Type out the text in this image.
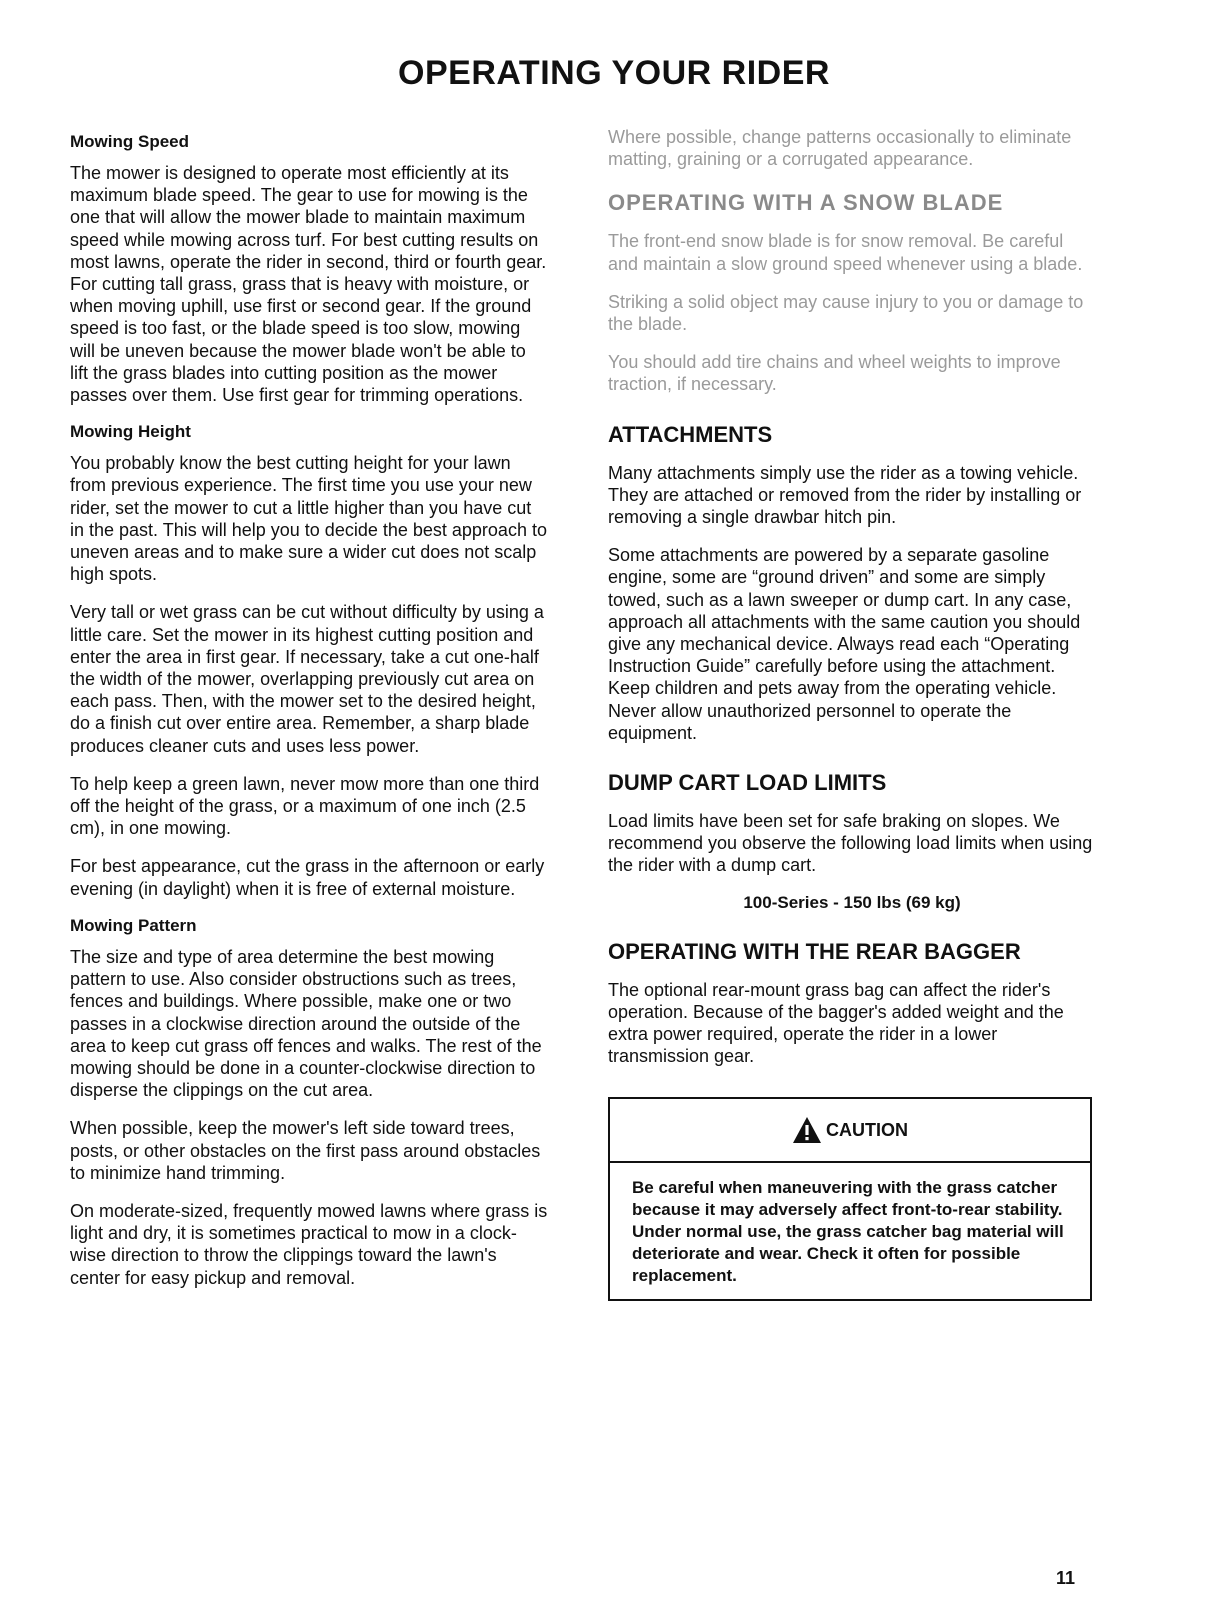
OPERATING YOUR RIDER
Mowing Speed

The mower is designed to operate most efficiently at its maximum blade speed. The gear to use for mowing is the one that will allow the mower blade to maintain maximum speed while mowing across turf. For best cutting results on most lawns, operate the rider in second, third or fourth gear. For cutting tall grass, grass that is heavy with moisture, or when moving uphill, use first or second gear. If the ground speed is too fast, or the blade speed is too slow, mowing will be uneven because the mower blade won't be able to lift the grass blades into cutting position as the mower passes over them. Use first gear for trimming operations.

Mowing Height

You probably know the best cutting height for your lawn from previous experience. The first time you use your new rider, set the mower to cut a little higher than you have cut in the past. This will help you to decide the best approach to uneven areas and to make sure a wider cut does not scalp high spots.

Very tall or wet grass can be cut without difficulty by using a little care. Set the mower in its highest cutting position and enter the area in first gear. If necessary, take a cut one-half the width of the mower, overlapping previously cut area on each pass. Then, with the mower set to the desired height, do a finish cut over entire area. Remember, a sharp blade produces cleaner cuts and uses less power.

To help keep a green lawn, never mow more than one third off the height of the grass, or a maximum of one inch (2.5 cm), in one mowing.

For best appearance, cut the grass in the afternoon or early evening (in daylight) when it is free of external moisture.

Mowing Pattern

The size and type of area determine the best mowing pattern to use. Also consider obstructions such as trees, fences and buildings. Where possible, make one or two passes in a clockwise direction around the outside of the area to keep cut grass off fences and walks. The rest of the mowing should be done in a counter-clockwise direction to disperse the clippings on the cut area.

When possible, keep the mower's left side toward trees, posts, or other obstacles on the first pass around obstacles to minimize hand trimming.

On moderate-sized, frequently mowed lawns where grass is light and dry, it is sometimes practical to mow in a clock-wise direction to throw the clippings toward the lawn's center for easy pickup and removal.

Where possible, change patterns occasionally to eliminate matting, graining or a corrugated appearance.

OPERATING WITH A SNOW BLADE

The front-end snow blade is for snow removal. Be careful and maintain a slow ground speed whenever using a blade.

Striking a solid object may cause injury to you or damage to the blade.

You should add tire chains and wheel weights to improve traction, if necessary.

ATTACHMENTS

Many attachments simply use the rider as a towing vehicle. They are attached or removed from the rider by installing or removing a single drawbar hitch pin.

Some attachments are powered by a separate gasoline engine, some are “ground driven” and some are simply towed, such as a lawn sweeper or dump cart. In any case, approach all attachments with the same caution you should give any mechanical device. Always read each “Operating Instruction Guide” carefully before using the attachment. Keep children and pets away from the operating vehicle. Never allow unauthorized personnel to operate the equipment.

DUMP CART LOAD LIMITS

Load limits have been set for safe braking on slopes. We recommend you observe the following load limits when using the rider with a dump cart.

100-Series - 150 lbs (69 kg)
OPERATING WITH THE REAR BAGGER

The optional rear-mount grass bag can affect the rider's operation. Because of the bagger's added weight and the extra power required, operate the rider in a lower transmission gear.

CAUTION
Be careful when maneuvering with the grass catcher because it may adversely affect front-to-rear stability. Under normal use, the grass catcher bag material will deteriorate and wear. Check it often for possible replacement.
11
